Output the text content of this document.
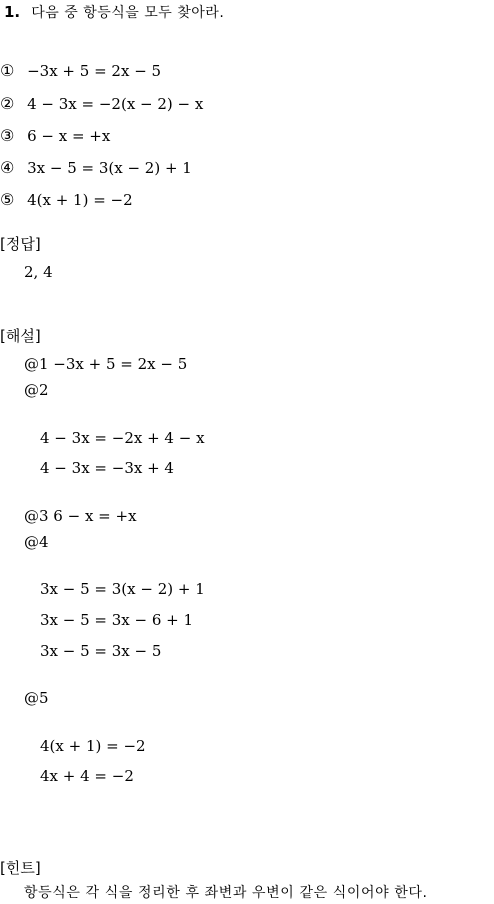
1. 다음 중 항등식을 모두 찾아라.
① −3x + 5 = 2x − 5
② 4 − 3x = −2(x − 2) − x
③ 6 − x = +x
④ 3x − 5 = 3(x − 2) + 1
⑤ 4(x + 1) = −2
[정답]
2, 4
[해설]
@1 −3x + 5 = 2x − 5
@2
4 − 3x = −2x + 4 − x
4 − 3x = −3x + 4
@3 6 − x = +x
@4
3x − 5 = 3(x − 2) + 1
3x − 5 = 3x − 6 + 1
3x − 5 = 3x − 5
@5
4(x + 1) = −2
4x + 4 = −2
[힌트]
항등식은 각 식을 정리한 후 좌변과 우변이 같은 식이어야 한다.
